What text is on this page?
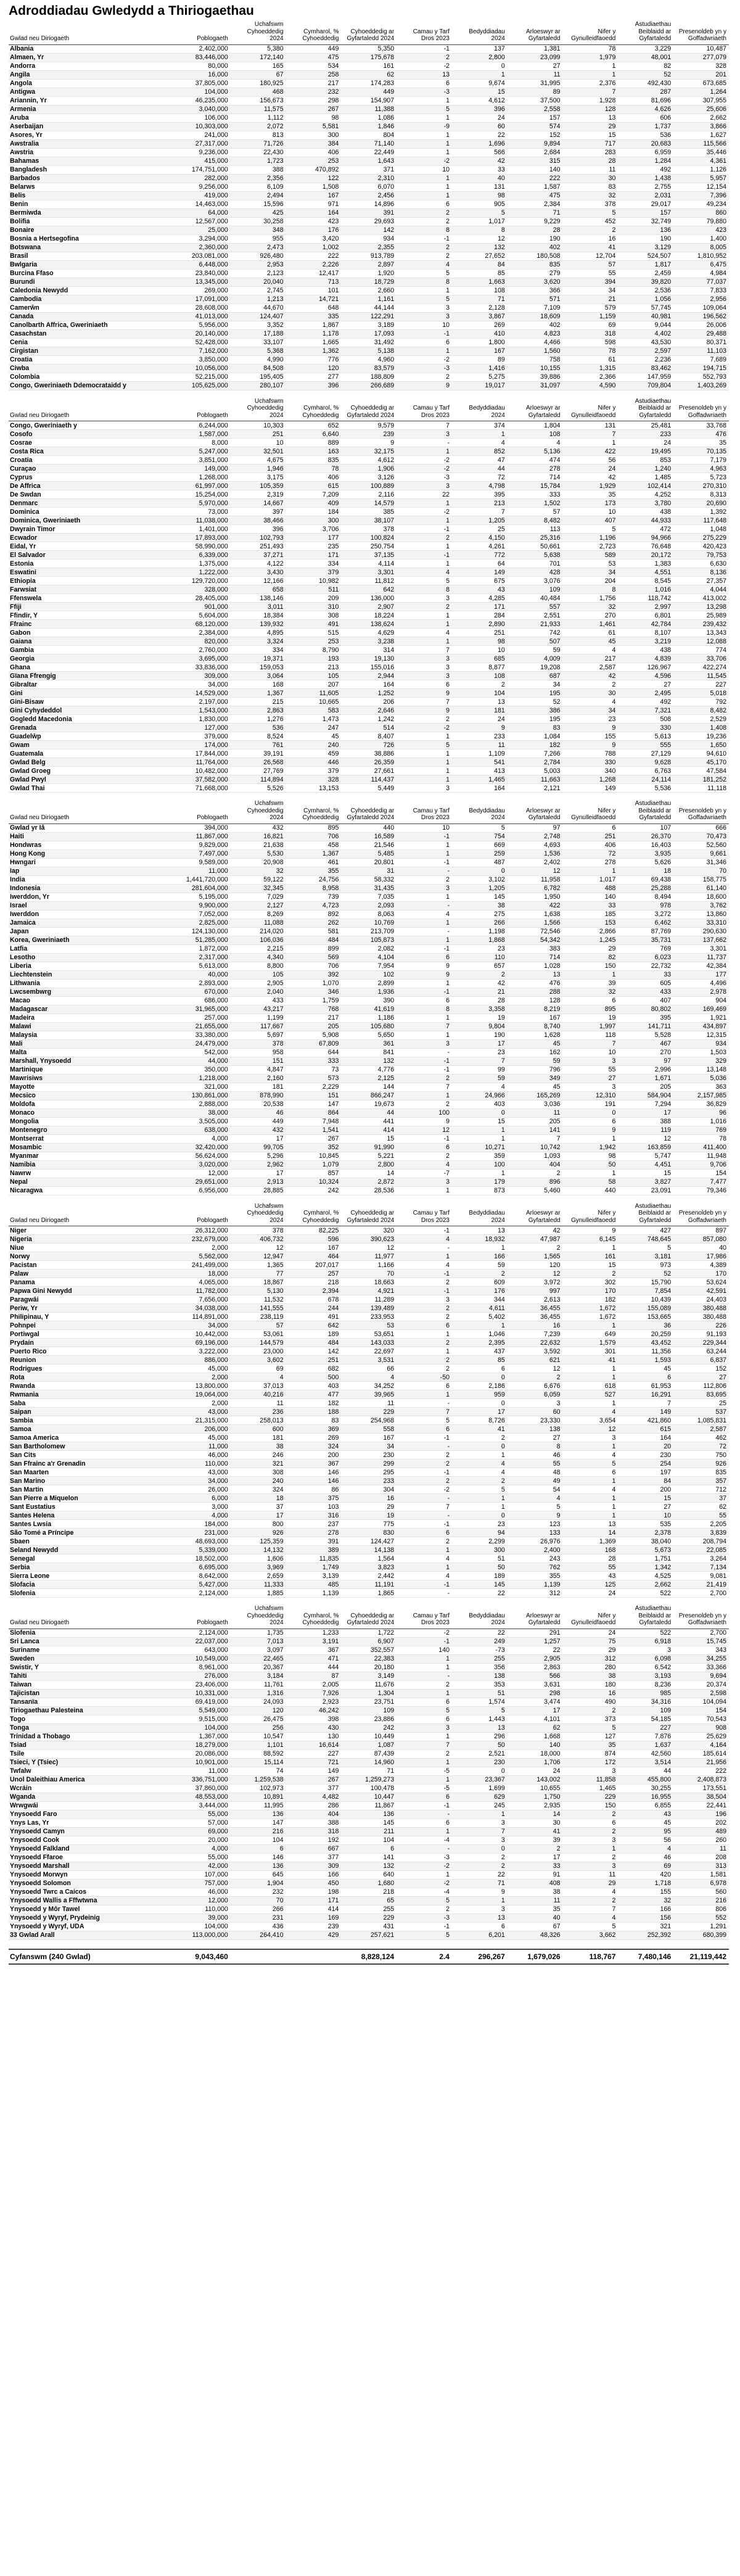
Adroddiadau Gwledydd a Thiriogaethau
Gwlad neu Diriogaeth	Poblogaeth	Uchafswm Cyhoeddedig 2024	Cymharol, % Cyhoeddedig	Cyhoeddedig ar Gyfartaledd 2024	Camau y Tarf Dros 2023	Bedyddiadau 2024	Arloeswyr ar Gyfartaledd	Nifer y Gynulleidfaoedd	Astudiaethau Beiblaidd ar Gyfartaledd	Presenoldeb yn y Goffadwriaeth
Albania	2,402,000	5,380	449	5,350	-1	137	1,381	78	3,229	10,487
Almaen, Yr	83,446,000	172,140	475	175,678	2	2,800	23,099	1,979	48,001	277,079
Andorra	80,000	165	534	161	-2	0	27	1	82	328
Angila	16,000	67	258	62	13	1	11	1	52	201
Angola	37,805,000	180,925	217	174,283	6	9,674	31,995	2,376	492,430	673,685
Antigwa	104,000	468	232	449	-3	15	89	7	287	1,264
Ariannin, Yr	46,235,000	156,673	298	154,907	1	4,612	37,500	1,928	81,696	307,955
Armenia	3,040,000	11,575	267	11,388	5	396	2,558	128	4,626	25,606
Aruba	106,000	1,112	98	1,086	1	24	157	13	606	2,662
Aserbaijan	10,303,000	2,072	5,581	1,846	-9	60	574	29	1,737	3,866
Asores, Yr	241,000	813	300	804	1	22	152	15	536	1,627
Awstralia	27,317,000	71,726	384	71,140	1	1,696	9,894	717	20,683	115,566
Awstria	9,236,000	22,430	406	22,449	1	566	2,684	283	6,959	35,446
Bahamas	415,000	1,723	253	1,643	-2	42	315	28	1,284	4,361
Bangladesh	174,751,000	388	470,892	371	10	33	140	11	492	1,126
Barbados	282,000	2,356	122	2,310	1	40	222	30	1,438	5,957
Belarws	9,256,000	6,109	1,508	6,070	1	131	1,587	83	2,755	12,154
Belis	419,000	2,494	167	2,456	1	98	475	32	2,031	7,396
Benin	14,463,000	15,596	971	14,896	6	905	2,384	378	29,017	49,234
Bermiwda	64,000	425	164	391	2	5	71	5	157	860
Bolifia	12,567,000	30,258	423	29,693	2	1,017	9,229	452	32,749	79,880
Bonaire	25,000	348	176	142	8	8	28	2	136	423
Bosnia a Hertsegofina	3,294,000	955	3,420	934	-1	12	190	16	190	1,400
Botswana	2,360,000	2,473	1,002	2,355	2	132	402	41	3,129	8,005
Brasil	203,081,000	926,480	222	913,789	2	27,652	180,508	12,704	524,507	1,810,952
Bwlgaria	6,448,000	2,953	2,226	2,897	4	84	835	57	1,817	6,475
Burcina Ffaso	23,840,000	2,123	12,417	1,920	5	85	279	55	2,459	4,984
Burundi	13,345,000	20,040	713	18,729	8	1,663	3,620	394	39,820	77,037
Caledonia Newydd	269,000	2,745	101	2,660	1	108	366	34	2,536	7,833
Cambodia	17,091,000	1,213	14,721	1,161	5	71	571	21	1,056	2,956
Camerŵn	28,608,000	44,670	648	44,144	3	2,128	7,109	579	57,745	109,064
Canada	41,013,000	124,407	335	122,291	3	3,867	18,609	1,159	40,981	196,562
Canolbarth Affrica, Gweriniaeth	5,956,000	3,352	1,867	3,189	10	269	402	69	9,044	26,006
Casachstan	20,140,000	17,188	1,178	17,093	-1	410	4,823	318	4,402	29,488
Cenia	52,428,000	33,107	1,665	31,492	6	1,800	4,466	598	43,530	80,371
Cirgistan	7,162,000	5,368	1,362	5,138	1	167	1,560	78	2,597	11,103
Croatia	3,850,000	4,990	776	4,960	-2	89	758	61	2,236	7,689
Ciwba	10,056,000	84,508	120	83,579	-3	1,416	10,155	1,315	83,462	194,715
Colombia	52,215,000	195,405	277	188,809	2	5,275	39,886	2,366	147,959	552,793
Congo, Gweriniaeth Ddemocrataidd y	105,625,000	280,107	396	266,689	9	19,017	31,097	4,590	709,804	1,403,269
Gwlad neu Diriogaeth	Poblogaeth	Uchafswm Cyhoeddedig 2024	Cymharol, % Cyhoeddedig	Cyhoeddedig ar Gyfartaledd 2024	Camau y Tarf Dros 2023	Bedyddiadau 2024	Arloeswyr ar Gyfartaledd	Nifer y Gynulleidfaoedd	Astudiaethau Beiblaidd ar Gyfartaledd	Presenoldeb yn y Goffadwriaeth
Congo, Gweriniaeth y	6,244,000	10,303	652	9,579	7	374	1,804	131	25,481	33,768
Cosofo	1,587,000	251	6,640	239	3	1	108	7	233	476
Cosrae	8,000	10	889	9	-	4	4	1	24	35
Costa Rica	5,247,000	32,501	163	32,175	1	852	5,136	422	19,495	70,135
Croatia	3,851,000	4,675	835	4,612	-2	47	474	56	853	7,179
Curaçao	149,000	1,946	78	1,906	-2	44	278	24	1,240	4,963
Cyprus	1,268,000	3,175	406	3,126	-3	72	714	42	1,485	5,723
De Affrica	61,997,000	105,359	615	100,889	3	4,798	15,784	1,929	102,414	270,310
De Swdan	15,254,000	2,319	7,209	2,116	22	395	333	35	4,252	8,313
Denmarc	5,970,000	14,667	409	14,579	1	213	1,502	173	3,780	20,690
Dominica	73,000	397	184	385	-2	7	57	10	438	1,392
Dominica, Gweriniaeth	11,038,000	38,466	300	38,107	1	1,205	8,482	407	44,933	117,648
Dwyrain Timor	1,401,000	396	3,706	378	-1	25	113	5	472	1,048
Ecwador	17,893,000	102,793	177	100,824	2	4,150	25,316	1,196	94,966	275,229
Eidal, Yr	58,990,000	251,493	235	250,754	1	4,261	50,661	2,723	76,648	420,423
El Salvador	6,339,000	37,271	171	37,135	-1	772	5,638	589	20,172	79,753
Estonia	1,375,000	4,122	334	4,114	1	64	701	53	1,383	6,630
Eswatini	1,222,000	3,430	379	3,301	4	149	428	34	4,551	8,136
Ethiopia	129,720,000	12,166	10,982	11,812	5	675	3,076	204	8,545	27,357
Farwsiat	328,000	658	511	642	8	43	109	8	1,016	4,044
Ffenswela	28,405,000	138,146	209	136,000	3	4,285	40,484	1,756	118,742	413,002
Ffiji	901,000	3,011	310	2,907	2	171	557	32	2,997	13,298
Ffindir, Y	5,604,000	18,384	308	18,224	1	284	2,551	270	6,801	25,989
Ffrainc	68,120,000	139,932	491	138,624	1	2,890	21,933	1,461	42,784	239,432
Gabon	2,384,000	4,895	515	4,629	4	251	742	61	8,107	13,343
Gaiana	820,000	3,324	253	3,238	1	98	507	45	3,219	12,088
Gambia	2,760,000	334	8,790	314	7	10	59	4	438	774
Georgia	3,695,000	19,371	193	19,130	3	685	4,009	217	4,839	33,706
Ghana	33,836,000	159,053	213	155,016	3	8,877	19,208	2,587	126,967	422,274
Gïana Ffrengig	309,000	3,064	105	2,944	3	108	687	42	4,596	11,545
Gibraltar	34,000	168	207	164	6	2	34	2	27	227
Gini	14,529,000	1,367	11,605	1,252	9	104	195	30	2,495	5,018
Gini-Bisaw	2,197,000	215	10,665	206	7	13	52	4	492	792
Gini Cyhydeddol	1,543,000	2,863	583	2,646	9	181	386	34	7,321	8,482
Gogledd Macedonia	1,830,000	1,276	1,473	1,242	2	24	195	23	508	2,529
Grenada	127,000	536	247	514	-2	9	83	9	330	1,408
Guadelŵp	379,000	8,524	45	8,407	1	233	1,084	155	5,613	19,236
Gwam	174,000	761	240	726	5	11	182	9	555	1,650
Guatemala	17,844,000	39,191	459	38,886	1	1,109	7,266	788	27,129	94,610
Gwlad Belg	11,764,000	26,568	446	26,359	1	541	2,784	330	9,628	45,170
Gwlad Groeg	10,482,000	27,769	379	27,661	1	413	5,003	340	6,763	47,584
Gwlad Pwyl	37,582,000	114,894	328	114,437	1	1,465	11,663	1,268	24,114	181,252
Gwlad Thai	71,668,000	5,526	13,153	5,449	3	164	2,121	149	5,536	11,118
Gwlad neu Diriogaeth	Poblogaeth	Uchafswm Cyhoeddedig 2024	Cymharol, % Cyhoeddedig	Cyhoeddedig ar Gyfartaledd 2024	Camau y Tarf Dros 2023	Bedyddiadau 2024	Arloeswyr ar Gyfartaledd	Nifer y Gynulleidfaoedd	Astudiaethau Beiblaidd ar Gyfartaledd	Presenoldeb yn y Goffadwriaeth
Gwlad yr Iâ	394,000	432	895	440	10	5	97	6	107	666
Haiti	11,867,000	16,821	706	16,589	-1	754	2,748	251	26,370	70,473
Hondwras	9,829,000	21,638	458	21,546	1	669	4,693	406	16,403	52,560
Hong Kong	7,497,000	5,530	1,367	5,485	1	259	1,536	72	3,935	9,661
Hwngari	9,589,000	20,908	461	20,801	-1	487	2,402	278	5,626	31,346
Iap	11,000	32	355	31	-	0	12	1	18	70
India	1,441,720,000	59,122	24,756	58,332	2	3,102	11,958	1,017	69,438	158,775
Indonesia	281,604,000	32,345	8,958	31,435	3	1,205	6,782	488	25,288	61,140
Iwerddon, Yr	5,195,000	7,029	739	7,035	1	145	1,950	140	8,494	18,600
Israel	9,900,000	2,127	4,723	2,093	-	38	422	33	978	3,762
Iwerddon	7,052,000	8,269	892	8,063	4	275	1,638	185	3,272	13,860
Jamaica	2,825,000	11,088	262	10,769	1	266	1,566	153	6,462	33,310
Japan	124,130,000	214,020	581	213,709	-	1,198	72,546	2,866	87,769	290,630
Korea, Gweriniaeth	51,285,000	106,036	484	105,873	1	1,868	54,342	1,245	35,731	137,662
Latfia	1,872,000	2,215	899	2,082	-1	23	383	29	769	3,301
Lesotho	2,317,000	4,340	569	4,104	6	110	714	82	6,023	11,737
Liberia	5,613,000	8,800	706	7,954	9	657	1,028	150	22,732	42,384
Liechtenstein	40,000	105	392	102	9	2	13	1	33	177
Lithwania	2,893,000	2,905	1,070	2,899	1	42	476	39	605	4,496
Lwcsembwrg	670,000	2,040	346	1,936	-1	21	288	32	433	2,978
Macao	686,000	433	1,759	390	6	28	128	6	407	904
Madagascar	31,965,000	43,217	768	41,619	8	3,358	8,219	895	80,802	169,469
Madeira	257,000	1,199	217	1,186	1	19	167	19	395	1,921
Malawi	21,655,000	117,667	205	105,680	7	9,804	8,740	1,997	141,711	434,897
Malaysia	33,380,000	5,697	5,908	5,650	1	190	1,628	118	5,528	12,315
Mali	24,479,000	378	67,809	361	3	17	45	7	467	934
Malta	542,000	958	644	841	-	23	162	10	270	1,503
Marshall, Ynysoedd	44,000	151	333	132	-1	7	59	3	97	329
Martinique	350,000	4,847	73	4,776	-1	99	796	55	2,996	13,148
Mawrisiws	1,218,000	2,160	573	2,125	2	59	349	27	1,671	5,036
Mayotte	321,000	181	2,229	144	7	4	45	3	205	363
Mecsico	130,861,000	878,990	151	866,247	1	24,966	165,269	12,310	584,904	2,157,985
Moldofa	2,888,000	20,538	147	19,673	2	403	3,036	191	7,294	36,829
Monaco	38,000	46	864	44	100	0	11	0	17	96
Mongolia	3,505,000	449	7,948	441	9	15	205	6	388	1,016
Montenegro	638,000	432	1,541	414	12	1	141	9	119	769
Montserrat	4,000	17	267	15	-1	1	7	1	12	78
Mosambic	32,420,000	99,705	352	91,990	6	10,271	10,742	1,942	163,859	411,400
Myanmar	56,624,000	5,296	10,845	5,221	2	359	1,093	98	5,747	11,948
Namibia	3,020,000	2,962	1,079	2,800	4	100	404	50	4,451	9,706
Nawrw	12,000	17	857	14	-7	1	2	1	15	154
Nepal	29,651,000	2,913	10,324	2,872	3	179	896	58	3,827	7,477
Nicaragwa	6,956,000	28,885	242	28,536	1	873	5,460	440	23,091	79,346
Gwlad neu Diriogaeth	Poblogaeth	Uchafswm Cyhoeddedig 2024	Cymharol, % Cyhoeddedig	Cyhoeddedig ar Gyfartaledd 2024	Camau y Tarf Dros 2023	Bedyddiadau 2024	Arloeswyr ar Gyfartaledd	Nifer y Gynulleidfaoedd	Astudiaethau Beiblaidd ar Gyfartaledd	Presenoldeb yn y Goffadwriaeth
Niger	26,312,000	378	82,225	320	-1	13	42	9	427	897
Nigeria	232,679,000	406,732	596	390,623	4	18,932	47,987	6,145	748,645	857,080
Niue	2,000	12	167	12	-	1	2	1	5	40
Norwy	5,562,000	12,947	464	11,977	1	166	1,565	161	3,181	17,986
Pacistan	241,499,000	1,365	207,017	1,166	4	59	120	15	973	4,389
Palaw	18,000	77	257	70	-1	2	12	2	52	170
Panama	4,065,000	18,867	218	18,663	2	609	3,972	302	15,790	53,624
Papwa Gini Newydd	11,782,000	5,130	2,394	4,921	-1	176	997	170	7,854	42,591
Paragwâi	7,656,000	11,532	678	11,289	3	344	2,613	182	10,439	24,403
Periw, Yr	34,038,000	141,555	244	139,489	2	4,611	36,455	1,672	155,089	380,488
Philipinau, Y	114,891,000	238,119	491	233,953	2	5,402	36,455	1,672	153,665	380,488
Pohnpei	34,000	57	642	53	6	1	16	1	36	226
Portiwgal	10,442,000	53,061	189	53,651	1	1,046	7,239	649	20,259	91,193
Prydain	69,196,000	144,579	484	143,033	2	2,395	22,632	1,579	43,452	229,344
Puerto Rico	3,222,000	23,000	142	22,697	1	437	3,592	301	11,356	63,244
Reunion	886,000	3,602	251	3,531	2	85	621	41	1,593	6,837
Rodrigues	45,000	69	682	66	2	6	12	1	45	152
Rota	2,000	4	500	4	-50	0	2	1	6	27
Rwanda	13,800,000	37,013	403	34,252	6	2,186	6,676	618	61,953	112,806
Rwmania	19,064,000	40,216	477	39,965	1	959	6,059	527	16,291	83,695
Saba	2,000	11	182	11	-	0	3	1	7	25
Saipan	43,000	236	188	229	7	17	60	4	149	537
Sambia	21,315,000	258,013	83	254,968	5	8,726	23,330	3,654	421,860	1,085,831
Samoa	206,000	600	369	558	6	41	138	12	615	2,587
Samoa America	45,000	181	269	167	-1	2	27	3	164	462
San Bartholomew	11,000	38	324	34	-	0	8	1	20	72
San Cits	46,000	246	200	230	2	1	46	4	230	750
San Ffrainc a'r Grenadin	110,000	321	367	299	2	4	55	5	254	926
San Maarten	43,000	308	146	295	-1	4	48	6	197	835
San Marino	34,000	240	146	233	2	2	49	1	84	357
San Martin	26,000	324	86	304	-2	5	54	4	200	712
San Pierre a Miquelon	6,000	18	375	16	-	1	4	1	15	37
Sant Eustatius	3,000	37	103	29	7	1	5	1	27	62
Santes Helena	4,000	17	316	19	-	0	9	1	10	55
Santes Lwsia	184,000	800	237	775	-1	23	123	13	535	2,205
São Tomé a Príncipe	231,000	926	278	830	6	94	133	14	2,378	3,839
Sbaen	48,693,000	125,359	391	124,427	2	2,299	26,976	1,369	38,040	208,794
Seland Newydd	5,339,000	14,132	389	14,138	1	300	2,400	168	5,673	22,085
Senegal	18,502,000	1,606	11,835	1,564	4	51	243	28	1,751	3,264
Serbia	6,695,000	3,969	1,749	3,823	1	50	762	55	1,342	7,134
Sierra Leone	8,642,000	2,659	3,139	2,442	4	189	355	43	4,525	9,081
Slofacia	5,427,000	11,333	485	11,191	-1	145	1,139	125	2,662	21,419
Slofenia	2,124,000	1,885	1,139	1,865	-	22	312	24	522	2,700
Gwlad neu Diriogaeth	Poblogaeth	Uchafswm Cyhoeddedig 2024	Cymharol, % Cyhoeddedig	Cyhoeddedig ar Gyfartaledd 2024	Camau y Tarf Dros 2023	Bedyddiadau 2024	Arloeswyr ar Gyfartaledd	Nifer y Gynulleidfaoedd	Astudiaethau Beiblaidd ar Gyfartaledd	Presenoldeb yn y Goffadwriaeth
Slofenia	2,124,000	1,735	1,233	1,722	-2	22	291	24	522	2,700
Sri Lanca	22,037,000	7,013	3,191	6,907	-1	249	1,257	75	6,918	15,745
Suriname	643,000	3,097	367	352,557	140	-73	22	29	3	343
Sweden	10,549,000	22,465	471	22,383	1	255	2,905	312	6,098	34,255
Swistir, Y	8,961,000	20,367	444	20,180	1	356	2,863	280	6,542	33,366
Tahiti	276,000	3,184	87	3,149	-	138	566	38	3,193	9,694
Taiwan	23,406,000	11,761	2,005	11,676	2	353	3,631	180	8,236	20,374
Tajicistan	10,331,000	1,316	7,926	1,304	1	51	298	16	985	2,598
Tansanïa	69,419,000	24,093	2,923	23,751	6	1,574	3,474	490	34,316	104,094
Tiriogaethau Palesteina	5,549,000	120	46,242	109	5	5	17	2	109	154
Togo	9,515,000	26,475	398	23,886	6	1,443	4,101	373	54,185	70,543
Tonga	104,000	256	430	242	3	13	62	5	227	908
Trinidad a Thobago	1,367,000	10,547	130	10,449	1	296	1,668	127	7,876	25,629
Tsiad	18,279,000	1,101	16,614	1,087	7	50	140	35	1,637	4,164
Tsile	20,086,000	88,592	227	87,439	2	2,521	18,000	874	42,560	185,614
Tsieci, Y (Tsiec)	10,901,000	15,114	721	14,960	1	230	1,706	172	3,514	21,956
Twfalw	11,000	74	149	71	-5	0	24	3	44	222
Unol Daleithiau America	336,751,000	1,259,538	267	1,259,273	1	23,367	143,002	11,858	455,800	2,408,873
Wcráin	37,860,000	102,973	377	100,478	-5	1,699	10,655	1,465	30,255	173,551
Wganda	48,553,000	10,891	4,482	10,447	6	629	1,750	229	16,955	38,504
Wrwgwái	3,444,000	11,995	286	11,867	-1	245	2,935	150	6,855	22,441
Ynysoedd Faro	55,000	136	404	136	-	1	14	2	43	196
Ynys Las, Yr	57,000	147	388	145	6	3	30	6	45	202
Ynysoedd Camyn	69,000	216	318	211	1	7	41	2	95	489
Ynysoedd Cook	20,000	104	192	104	-4	3	39	3	56	260
Ynysoedd Falkland	4,000	6	667	6	-	0	2	1	4	11
Ynysoedd Ffaroe	55,000	146	377	141	-3	2	17	2	46	208
Ynysoedd Marshall	42,000	136	309	132	-2	2	33	3	69	313
Ynysoedd Morwyn	107,000	645	166	640	1	22	91	11	420	1,581
Ynysoedd Solomon	757,000	1,904	450	1,680	-2	71	408	29	1,718	6,978
Ynysoedd Twrc a Caicos	46,000	232	198	218	-4	9	38	4	155	560
Ynysoedd Wallis a Fffwtwna	12,000	70	171	65	5	1	11	2	32	216
Ynysoedd y Môr Tawel	110,000	266	414	255	2	3	35	7	166	806
Ynysoedd y Wyryf, Prydeinig	39,000	231	169	229	-3	13	40	4	156	552
Ynysoedd y Wyryf, UDA	104,000	436	239	431	-1	6	67	5	321	1,291
33 Gwlad Arall	113,000,000	264,410	429	257,621	5	6,201	48,326	3,662	252,392	680,399
Cyfanswm (240 Gwlad)	9,043,460			8,828,124	2.4	296,267	1,679,026	118,767	7,480,146	21,119,442
